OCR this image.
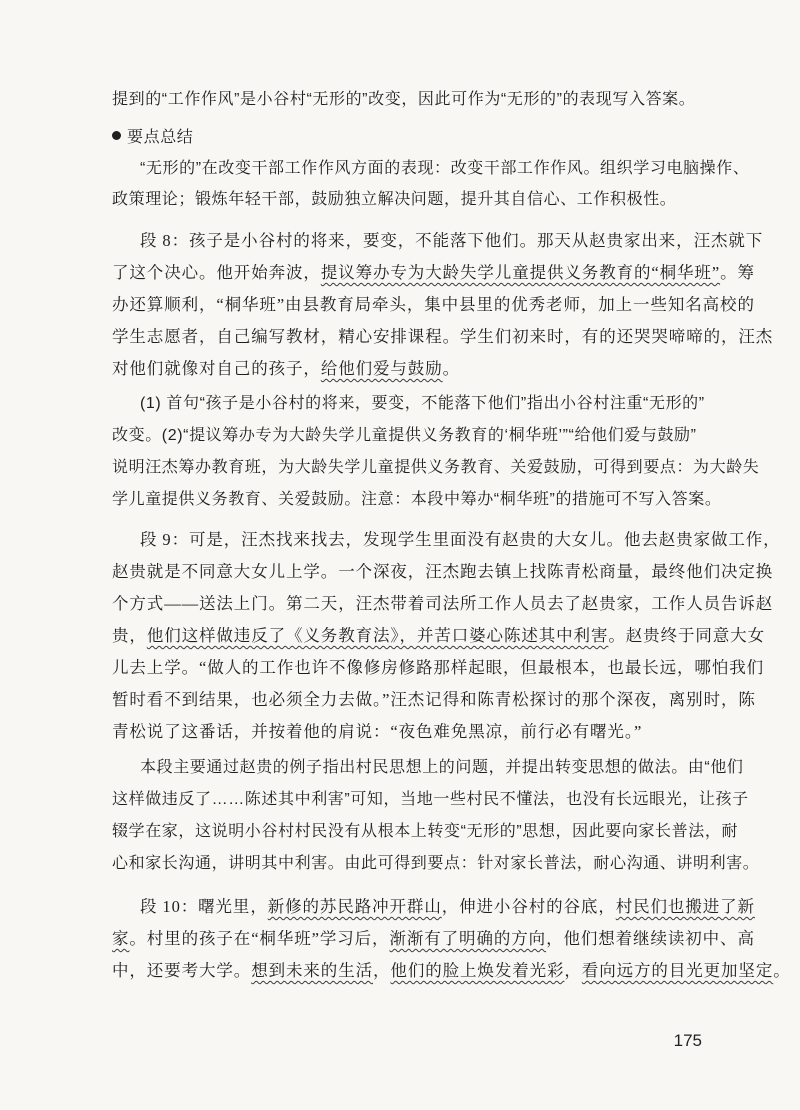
提到的“工作作风”是小谷村“无形的”改变，因此可作为“无形的”的表现写入答案。
要点总结
“无形的”在改变干部工作作风方面的表现：改变干部工作作风。组织学习电脑操作、
政策理论；锻炼年轻干部，鼓励独立解决问题，提升其自信心、工作积极性。
段 8：孩子是小谷村的将来，要变，不能落下他们。那天从赵贵家出来，汪杰就下
了这个决心。他开始奔波，提议筹办专为大龄失学儿童提供义务教育的“桐华班”。筹
办还算顺利，“桐华班”由县教育局牵头，集中县里的优秀老师，加上一些知名高校的
学生志愿者，自己编写教材，精心安排课程。学生们初来时，有的还哭哭啼啼的，汪杰
对他们就像对自己的孩子，给他们爱与鼓励。
(1) 首句“孩子是小谷村的将来，要变，不能落下他们”指出小谷村注重“无形的”
改变。(2)“提议筹办专为大龄失学儿童提供义务教育的‘桐华班’”“给他们爱与鼓励”
说明汪杰筹办教育班，为大龄失学儿童提供义务教育、关爱鼓励，可得到要点：为大龄失
学儿童提供义务教育、关爱鼓励。注意：本段中筹办“桐华班”的措施可不写入答案。
段 9：可是，汪杰找来找去，发现学生里面没有赵贵的大女儿。他去赵贵家做工作，
赵贵就是不同意大女儿上学。一个深夜，汪杰跑去镇上找陈青松商量，最终他们决定换
个方式——送法上门。第二天，汪杰带着司法所工作人员去了赵贵家，工作人员告诉赵
贵，他们这样做违反了《义务教育法》，并苦口婆心陈述其中利害。赵贵终于同意大女
儿去上学。“做人的工作也许不像修房修路那样起眼，但最根本，也最长远，哪怕我们
暂时看不到结果，也必须全力去做。”汪杰记得和陈青松探讨的那个深夜，离别时，陈
青松说了这番话，并按着他的肩说：“夜色难免黑凉，前行必有曙光。”
本段主要通过赵贵的例子指出村民思想上的问题，并提出转变思想的做法。由“他们
这样做违反了……陈述其中利害”可知，当地一些村民不懂法，也没有长远眼光，让孩子
辍学在家，这说明小谷村村民没有从根本上转变“无形的”思想，因此要向家长普法，耐
心和家长沟通，讲明其中利害。由此可得到要点：针对家长普法，耐心沟通、讲明利害。
段 10：曙光里，新修的苏民路冲开群山，伸进小谷村的谷底，村民们也搬进了新
家。村里的孩子在“桐华班”学习后，渐渐有了明确的方向，他们想着继续读初中、高
中，还要考大学。想到未来的生活，他们的脸上焕发着光彩，看向远方的目光更加坚定。
175
